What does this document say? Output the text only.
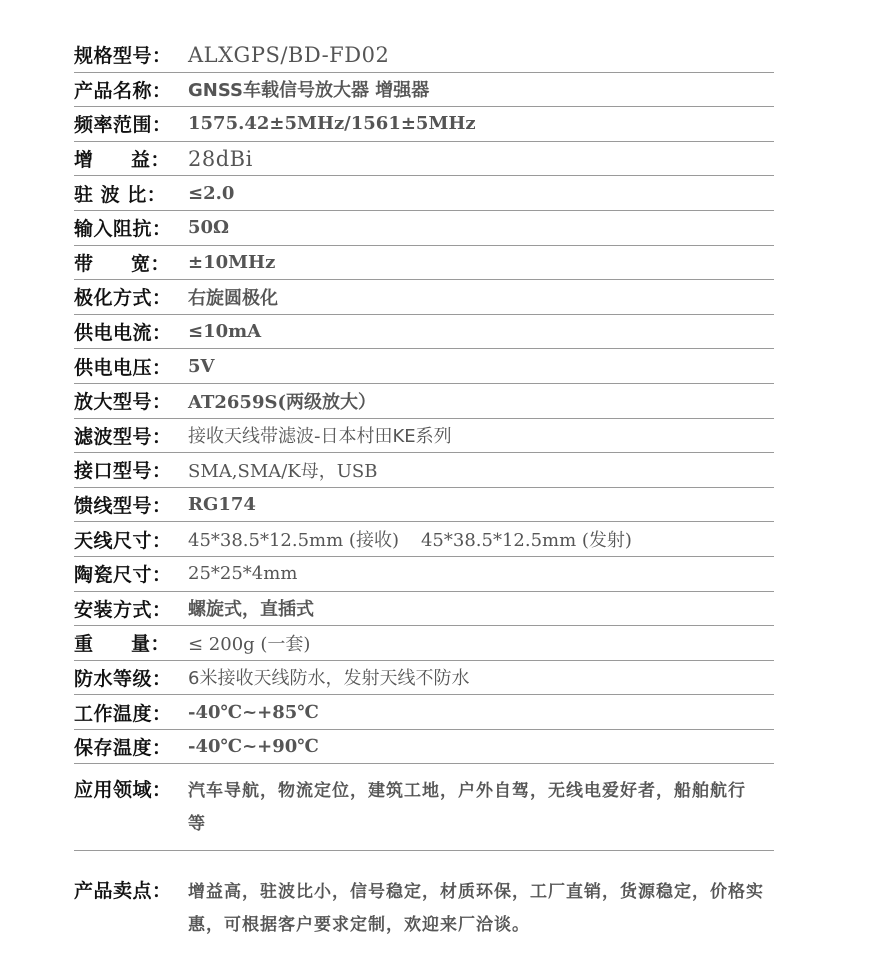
规格型号： ALXGPS/BD-FD02
产品名称： GNSS车载信号放大器 增强器
频率范围： 1575.42±5MHz/1561±5MHz
增 益： 28dBi
驻 波 比：	≤2.0
输入阻抗： 50Ω
带 宽： ±10MHz
极化方式： 右旋圆极化
供电电流： ≤10mA
供电电压： 5V
放大型号： AT2659S(两级放大）
滤波型号： 接收天线带滤波-日本村田KE系列
接口型号： SMA,SMA/K母，USB
馈线型号： RG174
天线尺寸： 45*38.5*12.5mm (接收) 45*38.5*12.5mm (发射)
陶瓷尺寸： 25*25*4mm
安装方式： 螺旋式，直插式
重 量： ≤ 200g (一套)
防水等级： 6米接收天线防水，发射天线不防水
工作温度： -40℃~+85℃
保存温度： -40℃~+90℃
应用领域： 汽车导航，物流定位，建筑工地，户外自驾，无线电爱好者，船舶航行等
产品卖点： 增益高，驻波比小，信号稳定，材质环保，工厂直销，货源稳定，价格实惠，可根据客户要求定制，欢迎来厂洽谈。
